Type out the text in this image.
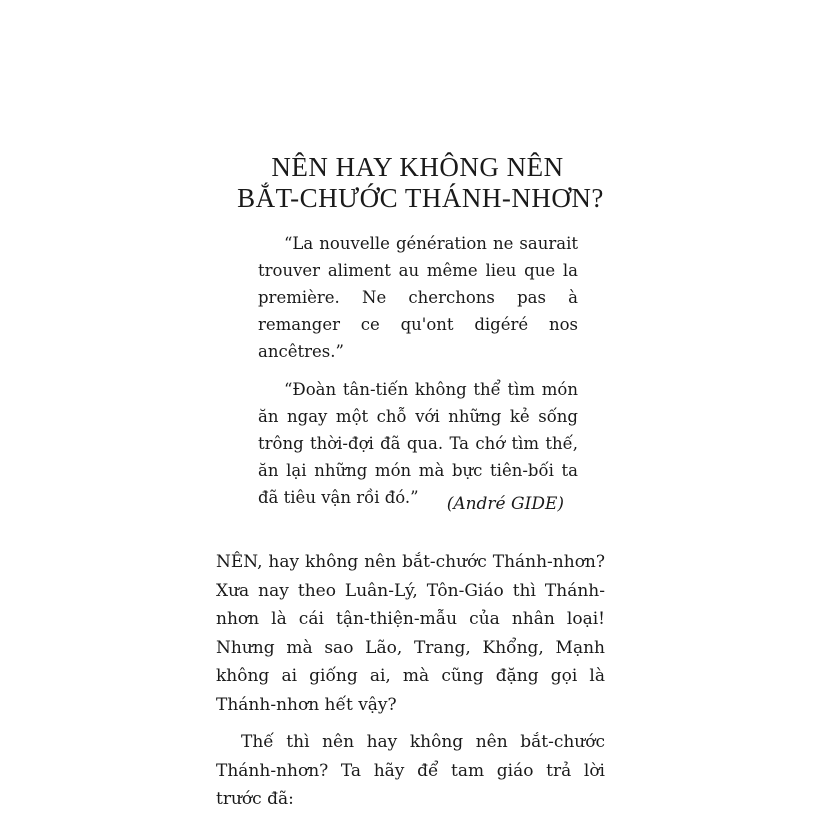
NÊN HAY KHÔNG NÊN
BẮT-CHƯỚC THÁNH-NHƠN?

“La nouvelle génération ne saurait trouver aliment au même lieu que la première. Ne cherchons pas à remanger ce qu'ont digéré nos ancêtres.”

“Đoàn tân-tiến không thể tìm món ăn ngay một chỗ với những kẻ sống trông thời-đợi đã qua. Ta chớ tìm thế, ăn lại những món mà bực tiên-bối ta đã tiêu vận rồi đó.”	(André GIDE)

NÊN, hay không nên bắt-chước Thánh-nhơn? Xưa nay theo Luân-Lý, Tôn-Giáo thì Thánh-nhơn là cái tận-thiện-mẫu của nhân loại! Nhưng mà sao Lão, Trang, Khổng, Mạnh không ai giống ai, mà cũng đặng gọi là Thánh-nhơn hết vậy?

Thế thì nên hay không nên bắt-chước Thánh-nhơn? Ta hãy để tam giáo trả lời trước đã:
